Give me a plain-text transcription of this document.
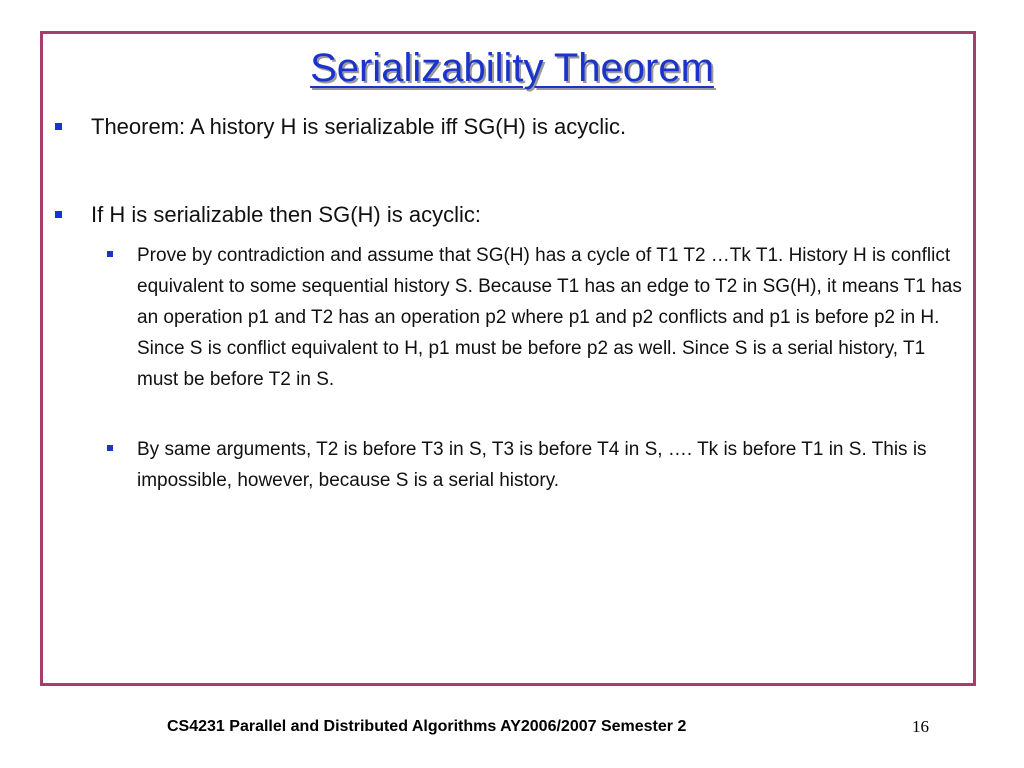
Serializability Theorem

Theorem: A history H is serializable iff SG(H) is acyclic.

If H is serializable then SG(H) is acyclic:

Prove by contradiction and assume that SG(H) has a cycle of T1 T2 …Tk T1. History H is conflict equivalent to some sequential history S. Because T1 has an edge to T2 in SG(H), it means T1 has an operation p1 and T2 has an operation p2 where p1 and p2 conflicts and p1 is before p2 in H. Since S is conflict equivalent to H, p1 must be before p2 as well. Since S is a serial history, T1 must be before T2 in S.

By same arguments, T2 is before T3 in S, T3 is before T4 in S, …. Tk is before T1 in S. This is impossible, however, because S is a serial history.

CS4231 Parallel and Distributed Algorithms AY2006/2007 Semester 2	16
